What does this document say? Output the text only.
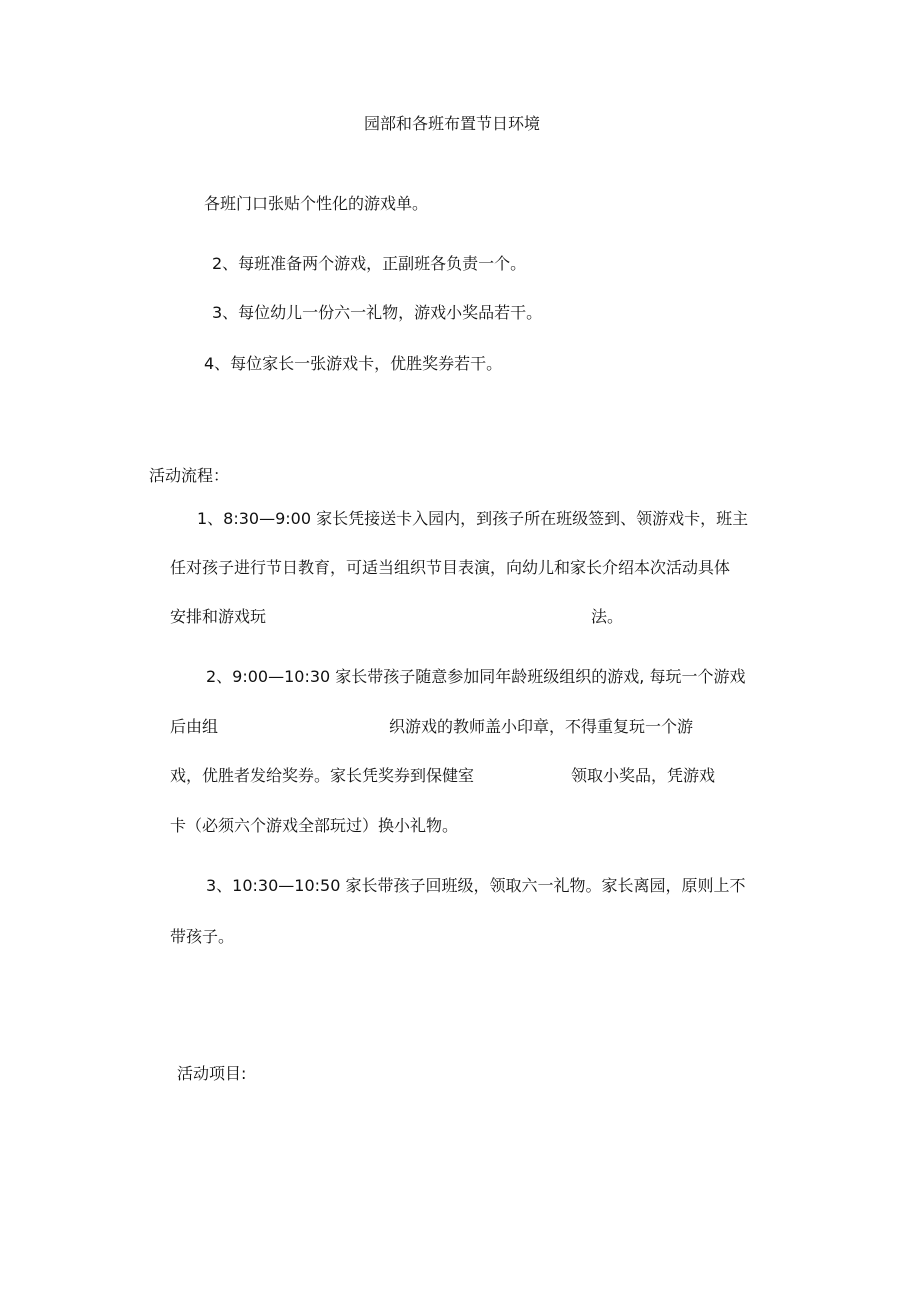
园部和各班布置节日环境

各班门口张贴个性化的游戏单。

2、每班准备两个游戏，正副班各负责一个。

3、每位幼儿一份六一礼物，游戏小奖品若干。

4、每位家长一张游戏卡，优胜奖券若干。

活动流程：

1、8:30—9:00 家长凭接送卡入园内，到孩子所在班级签到、领游戏卡，班主

任对孩子进行节日教育，可适当组织节目表演，向幼儿和家长介绍本次活动具体

安排和游戏玩	法。

2、9:00—10:30 家长带孩子随意参加同年龄班级组织的游戏, 每玩一个游戏

后由组	织游戏的教师盖小印章，不得重复玩一个游

戏，优胜者发给奖券。家长凭奖券到保健室	领取小奖品，凭游戏

卡（必须六个游戏全部玩过）换小礼物。

3、10:30—10:50 家长带孩子回班级，领取六一礼物。家长离园，原则上不

带孩子。

活动项目:
